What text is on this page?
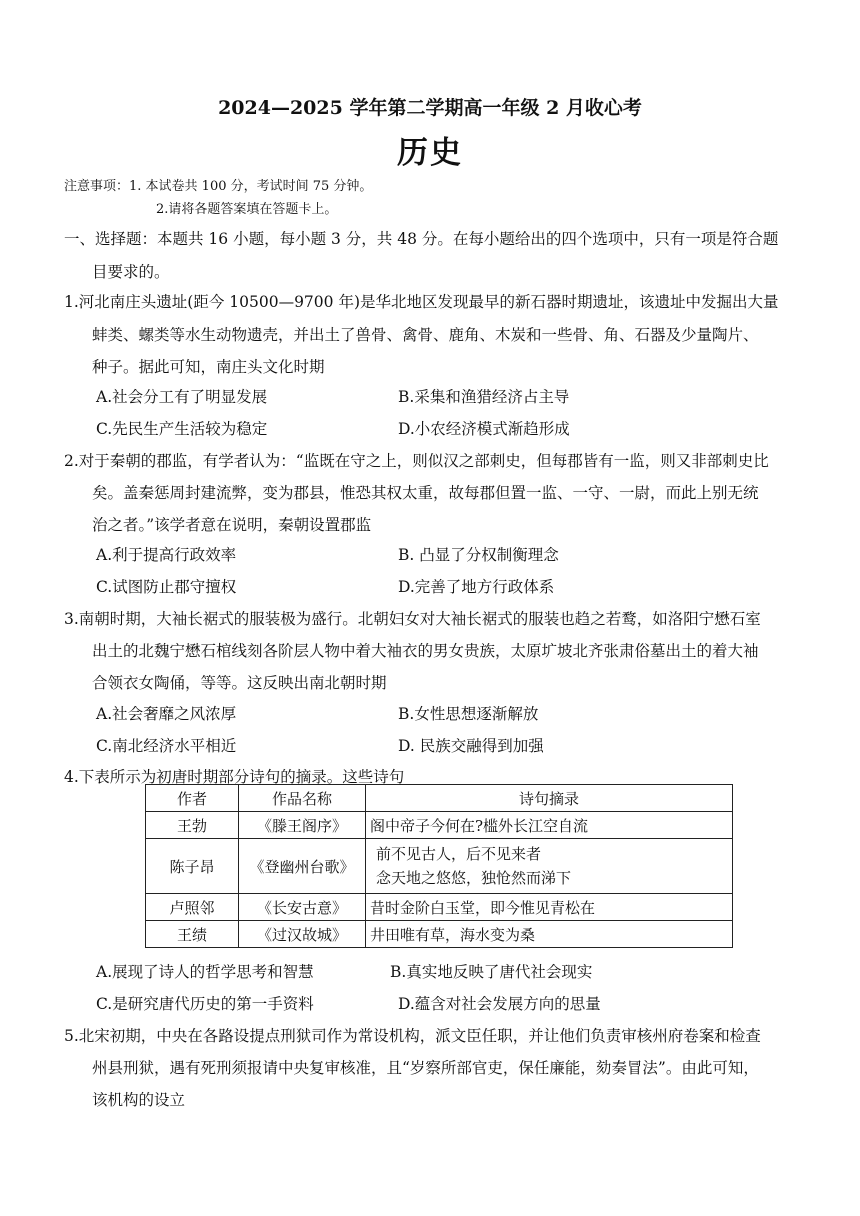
2024—2025 学年第二学期高一年级 2 月收心考
历史
注意事项：1. 本试卷共 100 分，考试时间 75 分钟。
2.请将各题答案填在答题卡上。
一、选择题：本题共 16 小题，每小题 3 分，共 48 分。在每小题给出的四个选项中，只有一项是符合题
目要求的。
1.河北南庄头遗址(距今 10500—9700 年)是华北地区发现最早的新石器时期遗址，该遗址中发掘出大量
蚌类、螺类等水生动物遗壳，并出土了兽骨、禽骨、鹿角、木炭和一些骨、角、石器及少量陶片、
种子。据此可知，南庄头文化时期
A.社会分工有了明显发展	B.采集和渔猎经济占主导
C.先民生产生活较为稳定	D.小农经济模式渐趋形成
2.对于秦朝的郡监，有学者认为：“监既在守之上，则似汉之部刺史，但每郡皆有一监，则又非部刺史比
矣。盖秦惩周封建流弊，变为郡县，惟恐其权太重，故每郡但置一监、一守、一尉，而此上别无统
治之者。”该学者意在说明，秦朝设置郡监
A.利于提高行政效率	B. 凸显了分权制衡理念
C.试图防止郡守擅权	D.完善了地方行政体系
3.南朝时期，大袖长裾式的服装极为盛行。北朝妇女对大袖长裾式的服装也趋之若鹜，如洛阳宁懋石室
出土的北魏宁懋石棺线刻各阶层人物中着大袖衣的男女贵族，太原圹坡北齐张肃俗墓出土的着大袖
合领衣女陶俑，等等。这反映出南北朝时期
A.社会奢靡之风浓厚	B.女性思想逐渐解放
C.南北经济水平相近	D. 民族交融得到加强
4.下表所示为初唐时期部分诗句的摘录。这些诗句
作者	作品名称	诗句摘录
王勃	《滕王阁序》	阁中帝子今何在?槛外长江空自流
陈子昂	《登幽州台歌》	前不见古人，后不见来者
念天地之悠悠，独怆然而涕下

卢照邻	《长安古意》	昔时金阶白玉堂，即今惟见青松在
王绩	《过汉故城》	井田唯有草，海水变为桑
A.展现了诗人的哲学思考和智慧	B.真实地反映了唐代社会现实
C.是研究唐代历史的第一手资料	D.蕴含对社会发展方向的思量
5.北宋初期，中央在各路设提点刑狱司作为常设机构，派文臣任职，并让他们负责审核州府卷案和检查
州县刑狱，遇有死刑须报请中央复审核准，且“岁察所部官吏，保任廉能，劾奏冒法”。由此可知，
该机构的设立
